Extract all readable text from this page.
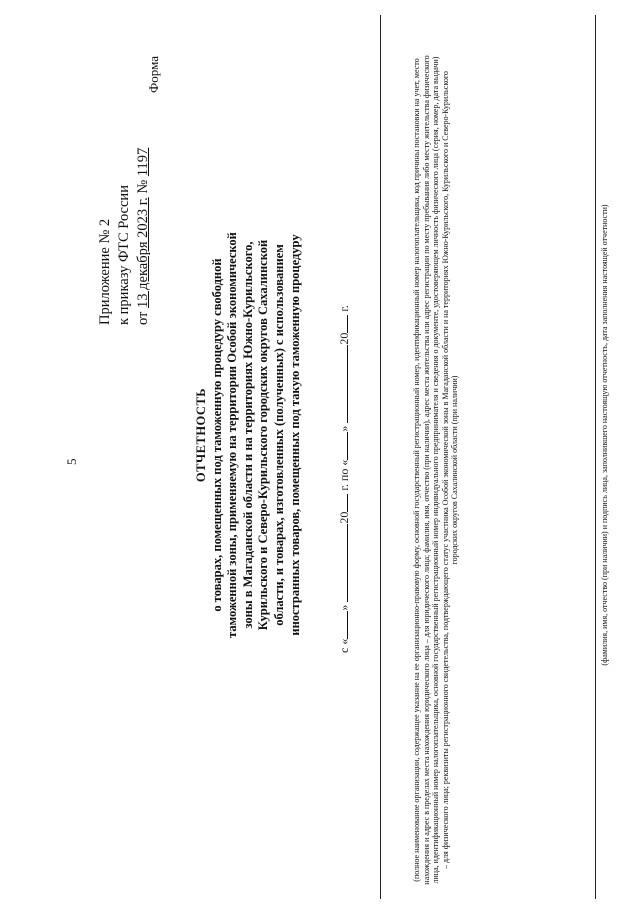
5
Приложение № 2 к приказу ФТС России от 13 декабря 2023 г. № 1197
Форма
ОТЧЕТНОСТЬ о товарах, помещенных под таможенную процедуру свободной таможенной зоны, применяемую на территории Особой экономической зоны в Магаданской области и на территориях Южно-Курильского, Курильского и Северо-Курильского городских округов Сахалинской области, и товарах, изготовленных (полученных) с использованием иностранных товаров, помещенных под такую таможенную процедуру
с «» 20 г. по «» 20 г.	(полное наименование организации, содержащее указание на ее организационно-правовую форму, основной государственный регистрационный номер, идентификационный номер налогоплательщика, код причины постановки на учет, место нахождения и адрес в пределах места нахождения юридического лица – для юридического лица; фамилия, имя, отчество (при наличии), адрес места жительства или адрес регистрации по месту пребывания либо месту жительства физического лица, идентификационный номер налогоплательщика, основной государственный регистрационный номер индивидуального предпринимателя и сведения о документе, удостоверяющем личность физического лица (серия, номер, дата выдачи) – для физического лица; реквизиты регистрационного свидетельства, подтверждающего статус участника Особой экономической зоны в Магаданской области и на территориях Южно-Курильского, Курильского и Северо-Курильского городских округов Сахалинской области (при наличии)	(фамилия, имя, отчество (при наличии) и подпись лица, заполнившего настоящую отчетность, дата заполнения настоящей отчетности)
